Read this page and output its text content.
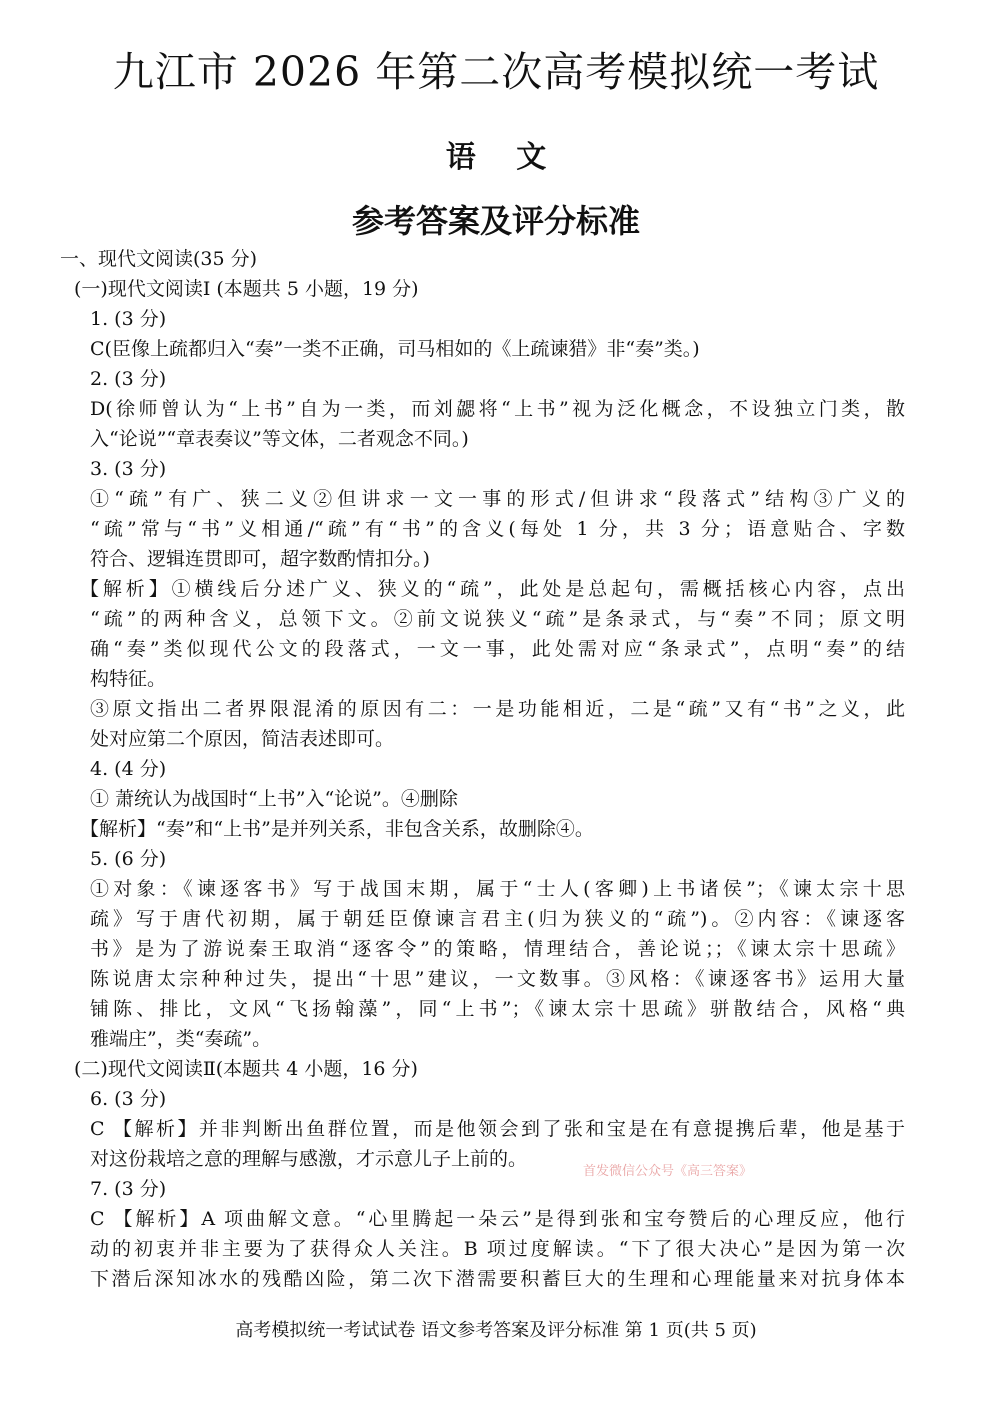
九江市 2026 年第二次高考模拟统一考试
语　 文
参考答案及评分标准
一、现代文阅读(35 分)
(一)现代文阅读Ⅰ (本题共 5 小题，19 分)
1. (3 分)
C(臣像上疏都归入“奏”一类不正确，司马相如的《上疏谏猎》非“奏”类。)
2. (3 分)
D(徐师曾认为“上书”自为一类，而刘勰将“上书”视为泛化概念，不设独立门类，散
入“论说”“章表奏议”等文体，二者观念不同。)
3. (3 分)
①“疏”有广、狭二义②但讲求一文一事的形式/但讲求“段落式”结构③广义的
“疏”常与“书”义相通/“疏”有“书”的含义(每处 1 分，共 3 分；语意贴合、字数
符合、逻辑连贯即可，超字数酌情扣分。)
【解析】①横线后分述广义、狭义的“疏”，此处是总起句，需概括核心内容，点出
“疏”的两种含义，总领下文。②前文说狭义“疏”是条录式，与“奏”不同；原文明
确“奏”类似现代公文的段落式，一文一事，此处需对应“条录式”，点明“奏”的结
构特征。
③原文指出二者界限混淆的原因有二：一是功能相近，二是“疏”又有“书”之义，此
处对应第二个原因，简洁表述即可。
4. (4 分)
① 萧统认为战国时“上书”入“论说”。④删除
【解析】“奏”和“上书”是并列关系，非包含关系，故删除④。
5. (6 分)
①对象：《谏逐客书》写于战国末期，属于“士人(客卿)上书诸侯”；《谏太宗十思
疏》写于唐代初期，属于朝廷臣僚谏言君主(归为狭义的“疏”)。②内容：《谏逐客
书》是为了游说秦王取消“逐客令”的策略，情理结合，善论说；；《谏太宗十思疏》
陈说唐太宗种种过失，提出“十思”建议，一文数事。③风格：《谏逐客书》运用大量
铺陈、排比，文风“飞扬翰藻”，同“上书”；《谏太宗十思疏》骈散结合，风格“典
雅端庄”，类“奏疏”。
(二)现代文阅读Ⅱ(本题共 4 小题，16 分)
6. (3 分)
C 【解析】并非判断出鱼群位置，而是他领会到了张和宝是在有意提携后辈，他是基于
对这份栽培之意的理解与感激，才示意儿子上前的。
7. (3 分)
C 【解析】A 项曲解文意。“心里腾起一朵云”是得到张和宝夸赞后的心理反应，他行
动的初衷并非主要为了获得众人关注。B 项过度解读。“下了很大决心”是因为第一次
下潜后深知冰水的残酷凶险，第二次下潜需要积蓄巨大的生理和心理能量来对抗身体本
首发微信公众号《高三答案》
高考模拟统一考试试卷 语文参考答案及评分标准 第 1 页(共 5 页)
